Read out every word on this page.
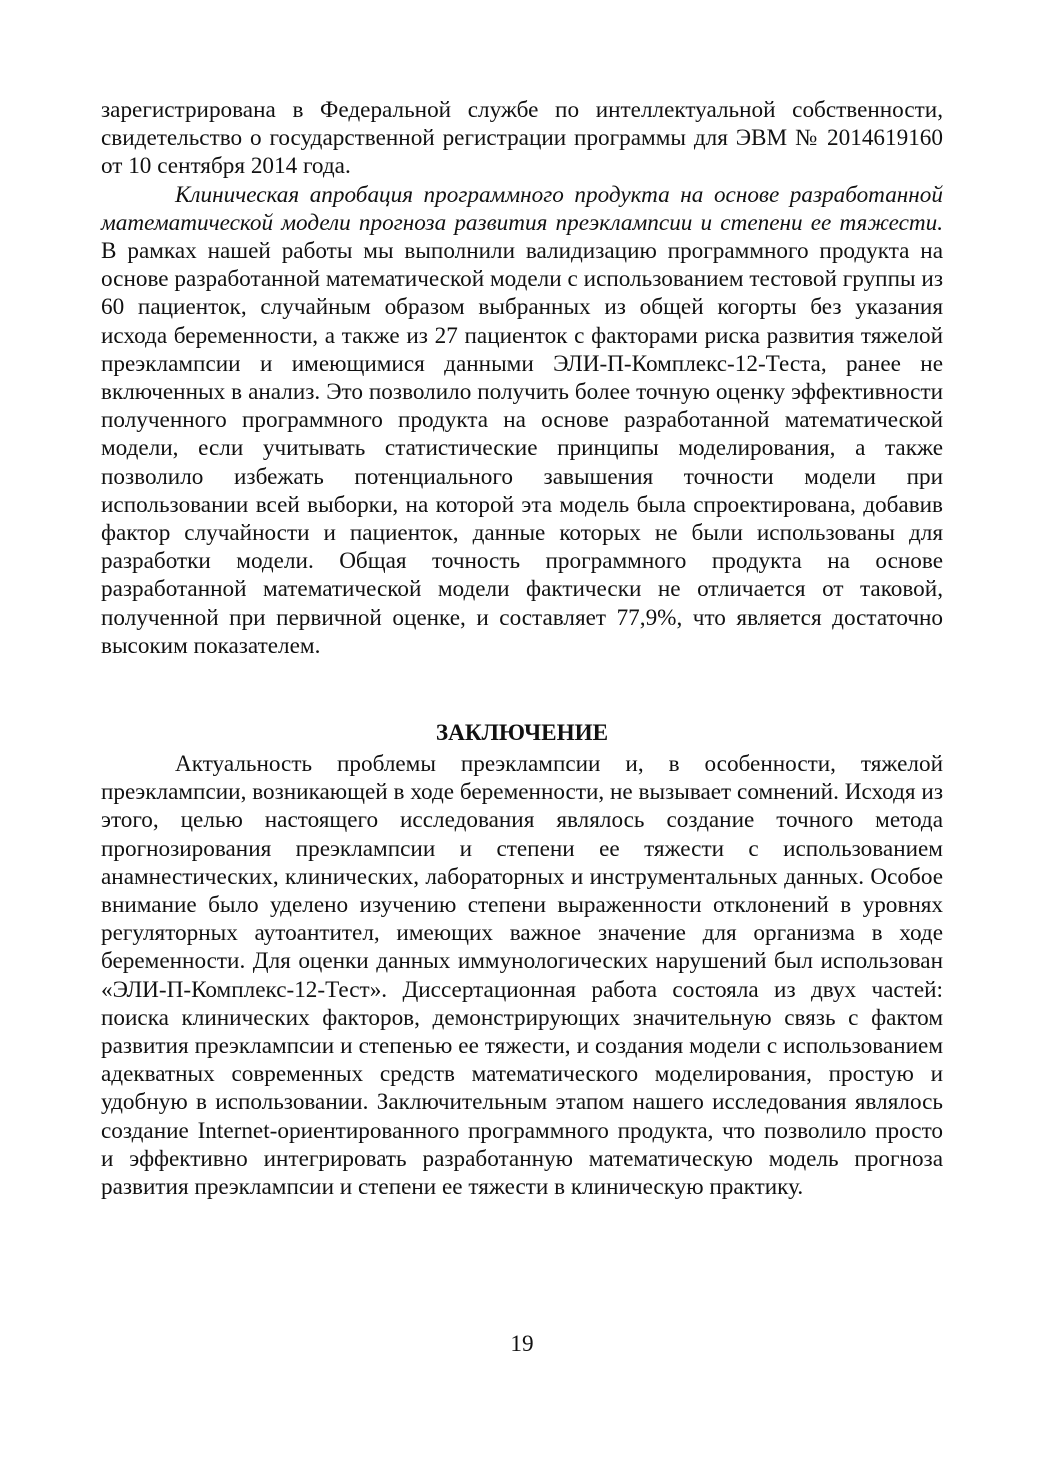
зарегистрирована в Федеральной службе по интеллектуальной собственности, свидетельство о государственной регистрации программы для ЭВМ № 2014619160 от 10 сентября 2014 года.

Клиническая апробация программного продукта на основе разработанной математической модели прогноза развития преэклампсии и степени ее тяжести. В рамках нашей работы мы выполнили валидизацию программного продукта на основе разработанной математической модели с использованием тестовой группы из 60 пациенток, случайным образом выбранных из общей когорты без указания исхода беременности, а также из 27 пациенток с факторами риска развития тяжелой преэклампсии и имеющимися данными ЭЛИ-П-Комплекс-12-Теста, ранее не включенных в анализ. Это позволило получить более точную оценку эффективности полученного программного продукта на основе разработанной математической модели, если учитывать статистические принципы моделирования, а также позволило избежать потенциального завышения точности модели при использовании всей выборки, на которой эта модель была спроектирована, добавив фактор случайности и пациенток, данные которых не были использованы для разработки модели. Общая точность программного продукта на основе разработанной математической модели фактически не отличается от таковой, полученной при первичной оценке, и составляет 77,9%, что является достаточно высоким показателем.

ЗАКЛЮЧЕНИЕ

Актуальность проблемы преэклампсии и, в особенности, тяжелой преэклампсии, возникающей в ходе беременности, не вызывает сомнений. Исходя из этого, целью настоящего исследования являлось создание точного метода прогнозирования преэклампсии и степени ее тяжести с использованием анамнестических, клинических, лабораторных и инструментальных данных. Особое внимание было уделено изучению степени выраженности отклонений в уровнях регуляторных аутоантител, имеющих важное значение для организма в ходе беременности. Для оценки данных иммунологических нарушений был использован «ЭЛИ-П-Комплекс-12-Тест». Диссертационная работа состояла из двух частей: поиска клинических факторов, демонстрирующих значительную связь с фактом развития преэклампсии и степенью ее тяжести, и создания модели с использованием адекватных современных средств математического моделирования, простую и удобную в использовании. Заключительным этапом нашего исследования являлось создание Internet-ориентированного программного продукта, что позволило просто и эффективно интегрировать разработанную математическую модель прогноза развития преэклампсии и степени ее тяжести в клиническую практику.

19
